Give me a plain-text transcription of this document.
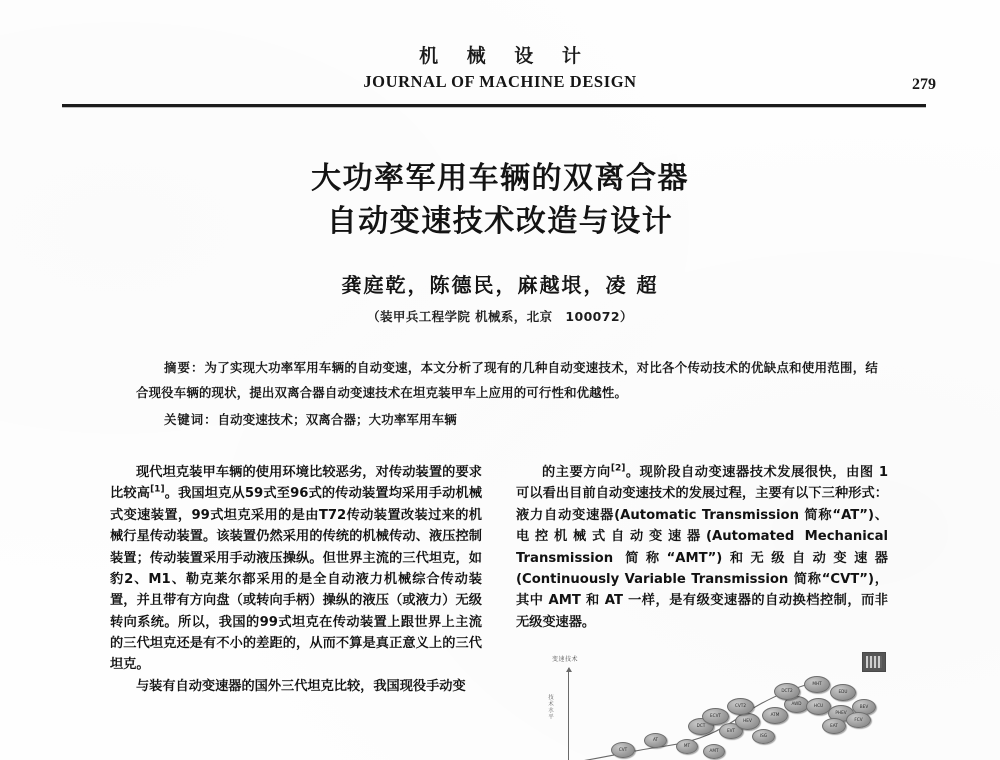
机 械 设 计
JOURNAL OF MACHINE DESIGN	279
大功率军用车辆的双离合器
自动变速技术改造与设计
龚庭乾，陈德民，麻越垠，凌 超
（装甲兵工程学院 机械系，北京　100072）
摘要：为了实现大功率军用车辆的自动变速，本文分析了现有的几种自动变速技术，对比各个传动技术的优缺点和使用范围，结合现役车辆的现状，提出双离合器自动变速技术在坦克装甲车上应用的可行性和优越性。
关键词：自动变速技术；双离合器；大功率军用车辆

现代坦克装甲车辆的使用环境比较恶劣，对传动装置的要求比较高[1]。我国坦克从59式至96式的传动装置均采用手动机械式变速装置，99式坦克采用的是由T72传动装置改装过来的机械行星传动装置。该装置仍然采用的传统的机械传动、液压控制装置；传动装置采用手动液压操纵。但世界主流的三代坦克，如豹2、M1、勒克莱尔都采用的是全自动液力机械综合传动装置，并且带有方向盘（或转向手柄）操纵的液压（或液力）无级转向系统。所以，我国的99式坦克在传动装置上跟世界上主流的三代坦克还是有不小的差距的，从而不算是真正意义上的三代坦克。

与装有自动变速器的国外三代坦克比较，我国现役手动变

的主要方向[2]。现阶段自动变速器技术发展很快，由图 1 可以看出目前自动变速技术的发展过程，主要有以下三种形式：液力自动变速器(Automatic Transmission 简称“AT”)、电控机械式自动变速器(Automated Mechanical Transmission 简称“AMT”)和无级自动变速器(Continuously Variable Transmission 简称“CVT”)，其中 AMT 和 AT 一样，是有级变速器的自动换档控制，而非无级变速器。

变速技术
技术水平
CVT
AT
MT
AMT
DCT
ECVT
EVT
HEV
CVT2
ISG
ATM
AWD
DCT2
MHT
EDU
HCU
PHEV
BEV
FCV
EAT
